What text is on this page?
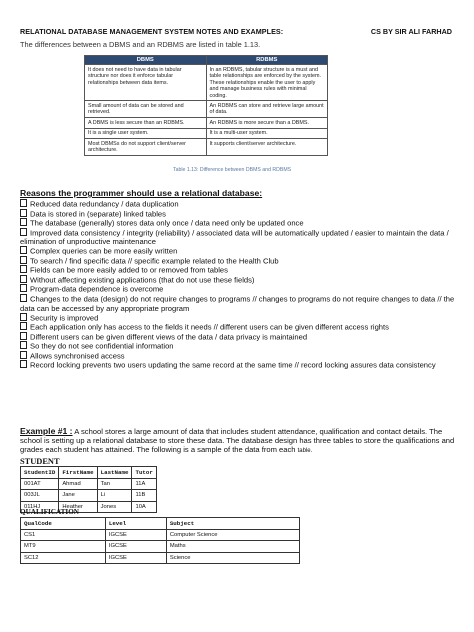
RELATIONAL DATABASE MANAGEMENT SYSTEM NOTES AND EXAMPLES:	CS BY SIR ALI FARHAD
The differences between a DBMS and an RDBMS are listed in table 1.13.
DBMS	RDBMS
It does not need to have data in tabular structure nor does it enforce tabular relationships between data items.	In an RDBMS, tabular structure is a must and table relationships are enforced by the system. These relationships enable the user to apply and manage business rules with minimal coding.
Small amount of data can be stored and retrieved.	An RDBMS can store and retrieve large amount of data.
A DBMS is less secure than an RDBMS.	An RDBMS is more secure than a DBMS.
It is a single user system.	It is a multi-user system.
Most DBMSs do not support client/server architecture.	It supports client/server architecture.
Table 1.13: Difference between DBMS and RDBMS
Reasons the programmer should use a relational database:
Reduced data redundancy / data duplication
Data is stored in (separate) linked tables
The database (generally) stores data only once / data need only be updated once
Improved data consistency / integrity (reliability) / associated data will be automatically updated / easier to maintain the data / elimination of unproductive maintenance
Complex queries can be more easily written
To search / find specific data // specific example related to the Health Club
Fields can be more easily added to or removed from tables
Without affecting existing applications (that do not use these fields)
Program-data dependence is overcome
Changes to the data (design) do not require changes to programs // changes to programs do not require changes to data // the data can be accessed by any appropriate program
Security is improved
Each application only has access to the fields it needs // different users can be given different access rights
Different users can be given different views of the data / data privacy is maintained
So they do not see confidential information
Allows synchronised access
Record locking prevents two users updating the same record at the same time // record locking assures data consistency
Example #1 : A school stores a large amount of data that includes student attendance, qualification and contact details. The school is setting up a relational database to store these data. The database design has three tables to store the qualifications and grades each student has attained. The following is a sample of the data from each table.
STUDENT
StudentID	FirstName	LastName	Tutor
001AT	Ahmad	Tan	11A
003JL	Jane	Li	11B
011HJ	Heather	Jones	10A
QUALIFICATION
QualCode	Level	Subject
CS1	IGCSE	Computer Science
MT9	IGCSE	Maths
SC12	IGCSE	Science
